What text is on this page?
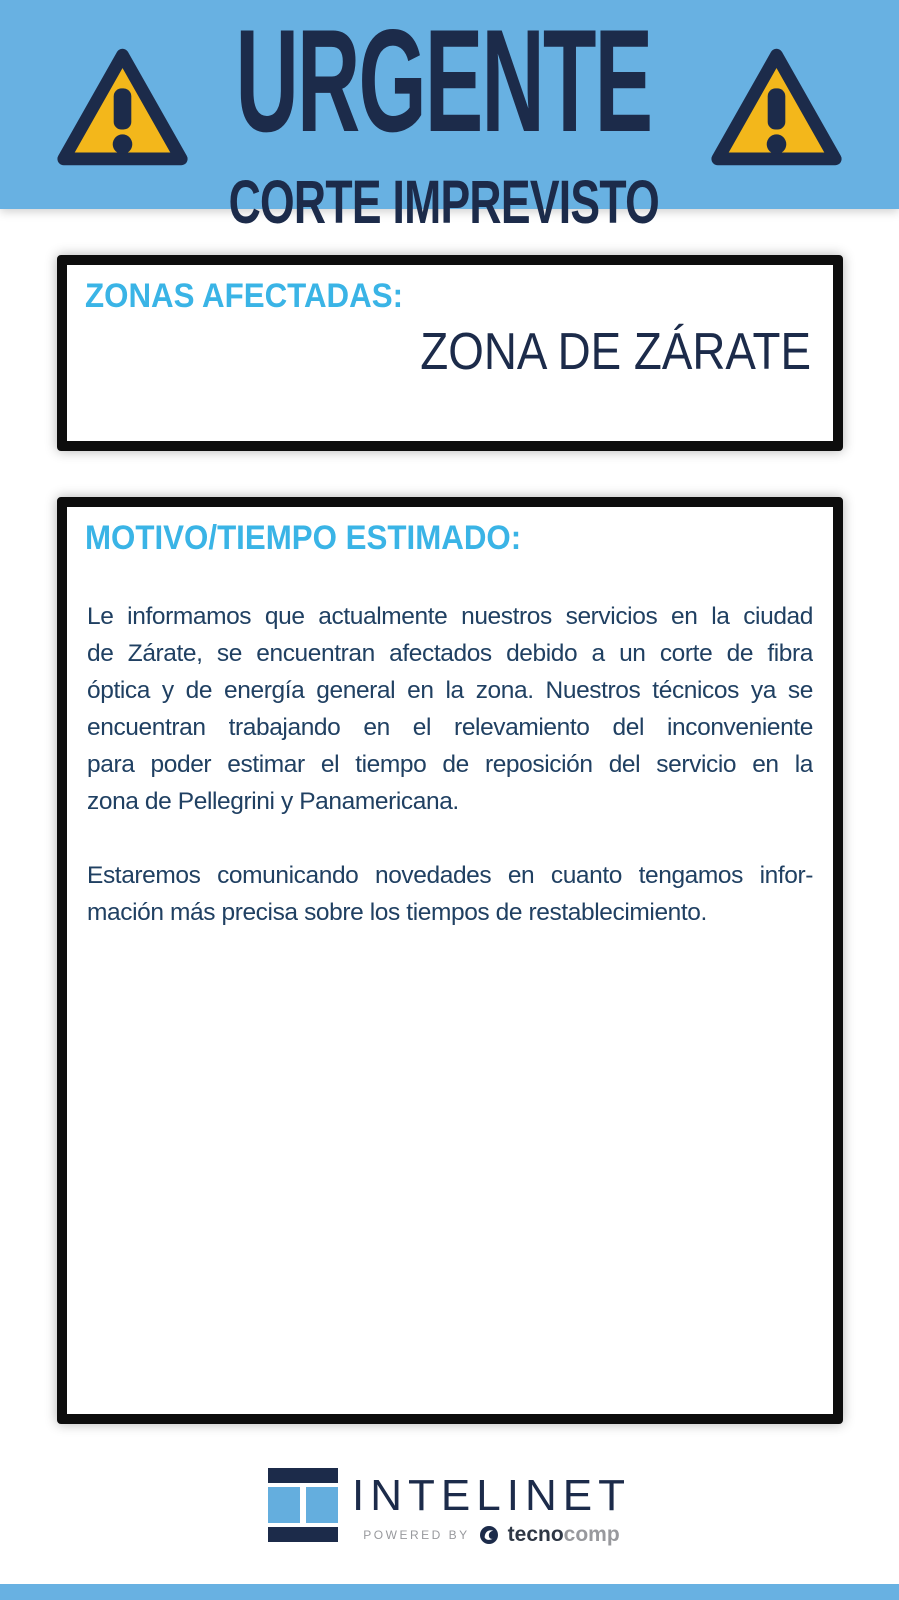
URGENTE
CORTE IMPREVISTO
ZONAS AFECTADAS:
ZONA DE ZÁRATE
MOTIVO/TIEMPO ESTIMADO:
Le informamos que actualmente nuestros servicios en la ciudad
de Zárate, se encuentran afectados debido a un corte de fibra
óptica y de energía general en la zona. Nuestros técnicos ya se
encuentran trabajando en el relevamiento del inconveniente
para poder estimar el tiempo de reposición del servicio en la
zona de Pellegrini y Panamericana.
Estaremos comunicando novedades en cuanto tengamos infor-
mación más precisa sobre los tiempos de restablecimiento.
INTELINET
POWERED BY tecnocomp
